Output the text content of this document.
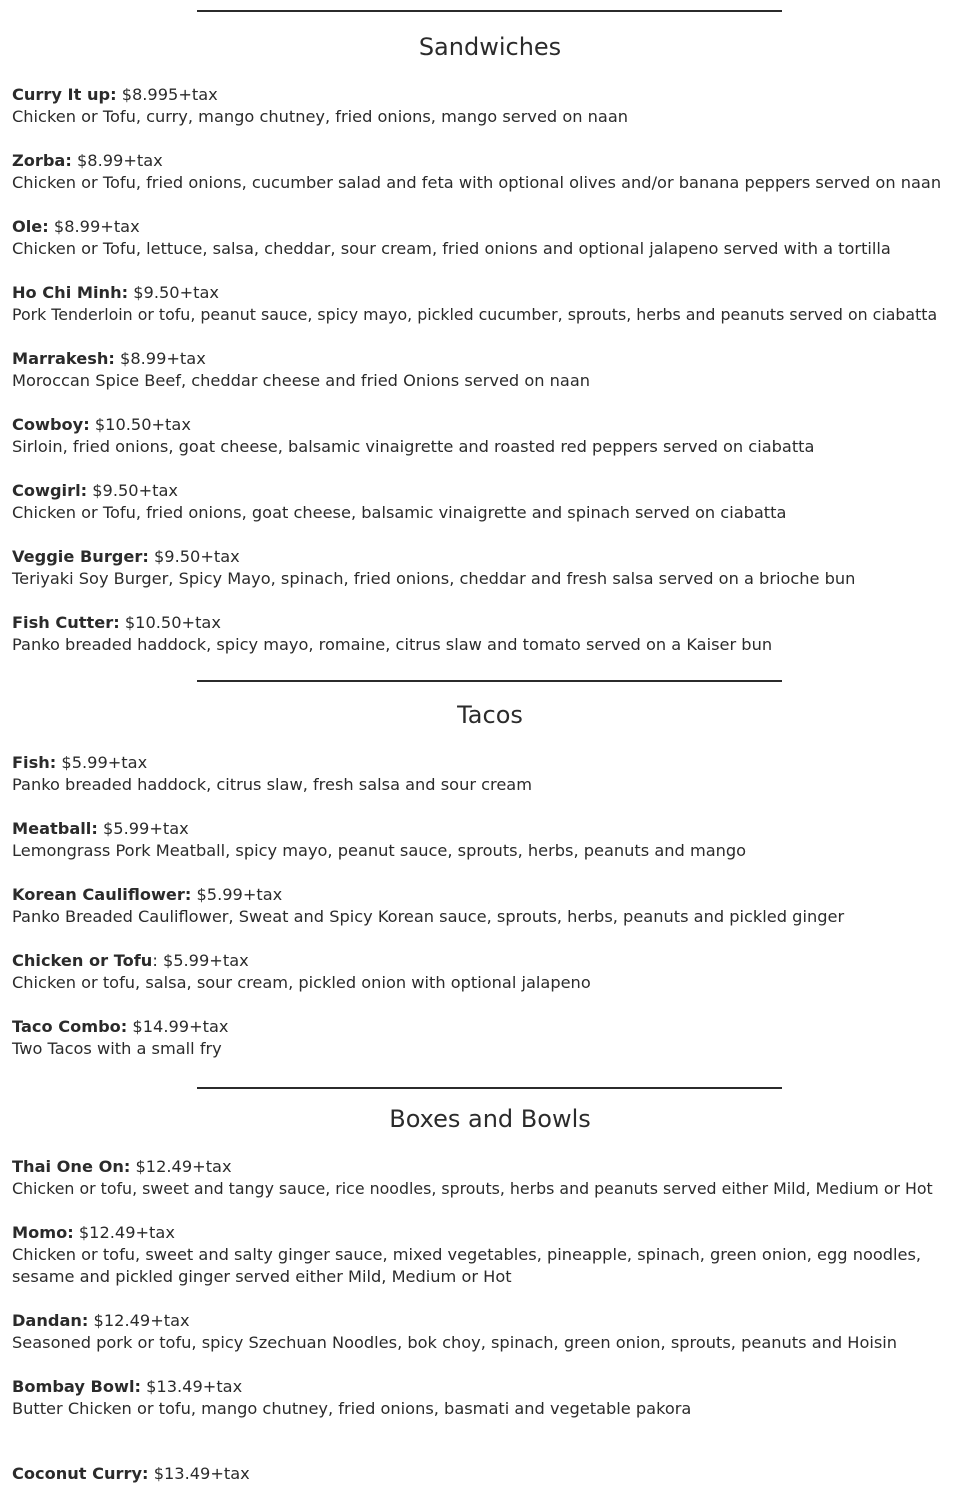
Sandwiches
Curry It up: $8.995+tax
Chicken or Tofu, curry, mango chutney, fried onions, mango served on naan
Zorba: $8.99+tax
Chicken or Tofu, fried onions, cucumber salad and feta with optional olives and/or banana peppers served on naan
Ole: $8.99+tax
Chicken or Tofu, lettuce, salsa, cheddar, sour cream, fried onions and optional jalapeno served with a tortilla
Ho Chi Minh: $9.50+tax
Pork Tenderloin or tofu, peanut sauce, spicy mayo, pickled cucumber, sprouts, herbs and peanuts served on ciabatta
Marrakesh: $8.99+tax
Moroccan Spice Beef, cheddar cheese and fried Onions served on naan
Cowboy: $10.50+tax
Sirloin, fried onions, goat cheese, balsamic vinaigrette and roasted red peppers served on ciabatta
Cowgirl: $9.50+tax
Chicken or Tofu, fried onions, goat cheese, balsamic vinaigrette and spinach served on ciabatta
Veggie Burger: $9.50+tax
Teriyaki Soy Burger, Spicy Mayo, spinach, fried onions, cheddar and fresh salsa served on a brioche bun
Fish Cutter: $10.50+tax
Panko breaded haddock, spicy mayo, romaine, citrus slaw and tomato served on a Kaiser bun
Tacos
Fish: $5.99+tax
Panko breaded haddock, citrus slaw, fresh salsa and sour cream
Meatball: $5.99+tax
Lemongrass Pork Meatball, spicy mayo, peanut sauce, sprouts, herbs, peanuts and mango
Korean Cauliflower: $5.99+tax
Panko Breaded Cauliflower, Sweat and Spicy Korean sauce, sprouts, herbs, peanuts and pickled ginger
Chicken or Tofu: $5.99+tax
Chicken or tofu, salsa, sour cream, pickled onion with optional jalapeno
Taco Combo: $14.99+tax
Two Tacos with a small fry
Boxes and Bowls
Thai One On: $12.49+tax
Chicken or tofu, sweet and tangy sauce, rice noodles, sprouts, herbs and peanuts served either Mild, Medium or Hot
Momo: $12.49+tax
Chicken or tofu, sweet and salty ginger sauce, mixed vegetables, pineapple, spinach, green onion, egg noodles, sesame and pickled ginger served either Mild, Medium or Hot
Dandan: $12.49+tax
Seasoned pork or tofu, spicy Szechuan Noodles, bok choy, spinach, green onion, sprouts, peanuts and Hoisin
Bombay Bowl: $13.49+tax
Butter Chicken or tofu, mango chutney, fried onions, basmati and vegetable pakora
Coconut Curry: $13.49+tax
